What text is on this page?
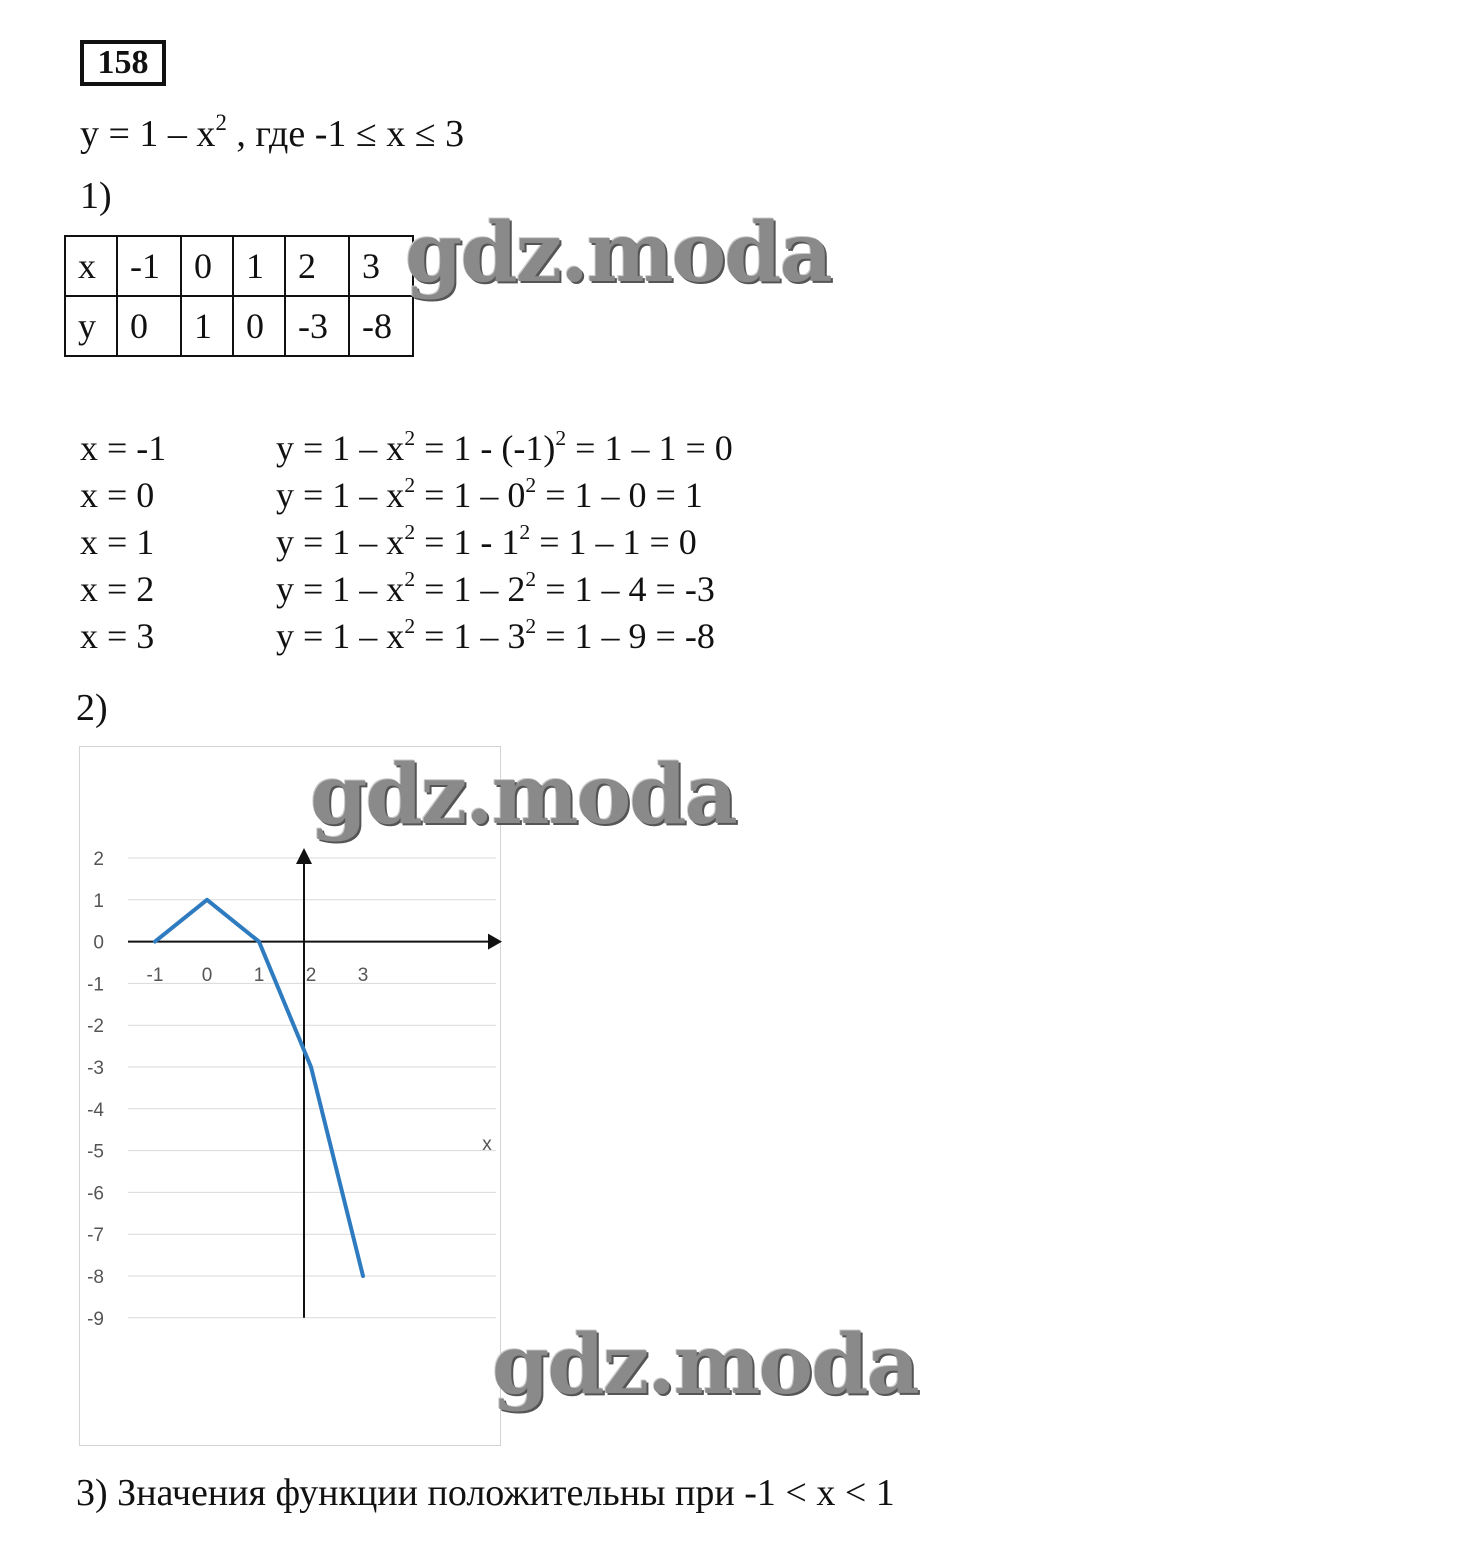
158
$y = 1 - x^2$ , где -1 ≤ x ≤ 3
1)
x	-1	0	1	2	3
y	0	1	0	-3	-8
gdz.moda
x = -1	$y = 1 - x^2 = 1 - (-1)^2 = 1 - 1 = 0$
x = 0	$y = 1 - x^2 = 1 - 0^2 = 1 - 0 = 1$
x = 1	$y = 1 - x^2 = 1 - 1^2 = 1 - 1 = 0$
x = 2	$y = 1 - x^2 = 1 - 2^2 = 1 - 4 = -3$
x = 3	$y = 1 - x^2 = 1 - 3^2 = 1 - 9 = -8$
2)
2
1
0
-1
-2
-3
-4
-5
-6
-7
-8
-9
-1 0 1 2 3
x
gdz.moda
gdz.moda
3) Значения функции положительны при -1 < x < 1
